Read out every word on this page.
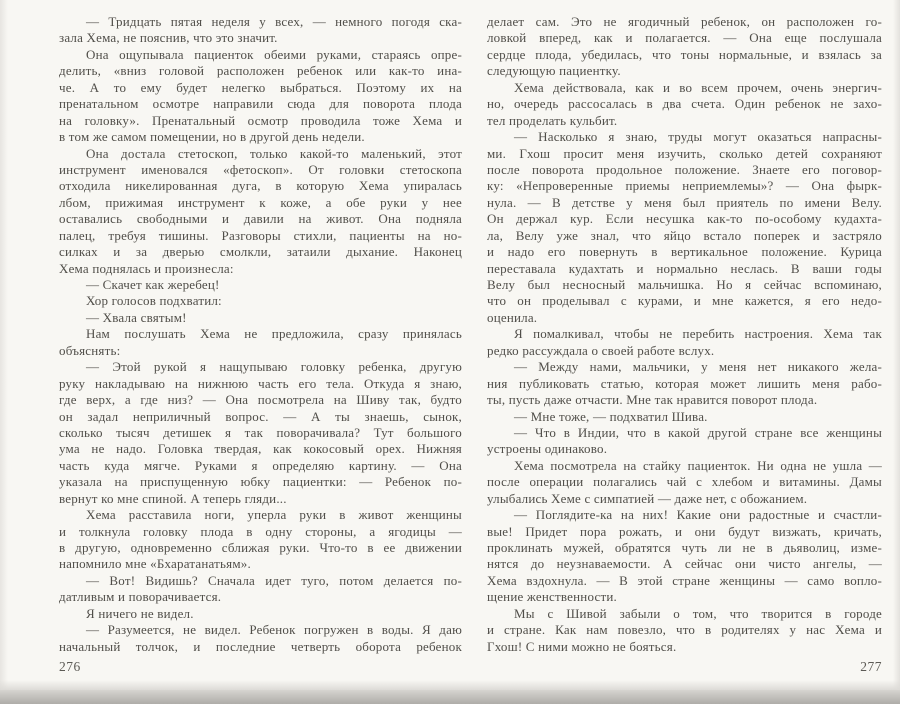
— Тридцать пятая неделя у всех, — немного погодя ска-
зала Хема, не пояснив, что это значит.
Она ощупывала пациенток обеими руками, стараясь опре-
делить, «вниз головой расположен ребенок или как-то ина-
че. А то ему будет нелегко выбраться. Поэтому их на
пренатальном осмотре направили сюда для поворота плода
на головку». Пренатальный осмотр проводила тоже Хема и
в том же самом помещении, но в другой день недели.
Она достала стетоскоп, только какой-то маленький, этот
инструмент именовался «фетоскоп». От головки стетоскопа
отходила никелированная дуга, в которую Хема упиралась
лбом, прижимая инструмент к коже, а обе руки у нее
оставались свободными и давили на живот. Она подняла
палец, требуя тишины. Разговоры стихли, пациенты на но-
силках и за дверью смолкли, затаили дыхание. Наконец
Хема поднялась и произнесла:
— Скачет как жеребец!
Хор голосов подхватил:
— Хвала святым!
Нам послушать Хема не предложила, сразу принялась
объяснять:
— Этой рукой я нащупываю головку ребенка, другую
руку накладываю на нижнюю часть его тела. Откуда я знаю,
где верх, а где низ? — Она посмотрела на Шиву так, будто
он задал неприличный вопрос. — А ты знаешь, сынок,
сколько тысяч детишек я так поворачивала? Тут большого
ума не надо. Головка твердая, как кокосовый орех. Нижняя
часть куда мягче. Руками я определяю картину. — Она
указала на приспущенную юбку пациентки: — Ребенок по-
вернут ко мне спиной. А теперь гляди...
Хема расставила ноги, уперла руки в живот женщины
и толкнула головку плода в одну стороны, а ягодицы —
в другую, одновременно сближая руки. Что-то в ее движении
напомнило мне «Бхаратанатьям».
— Вот! Видишь? Сначала идет туго, потом делается по-
датливым и поворачивается.
Я ничего не видел.
— Разумеется, не видел. Ребенок погружен в воды. Я даю
начальный толчок, и последние четверть оборота ребенок
делает сам. Это не ягодичный ребенок, он расположен го-
ловкой вперед, как и полагается. — Она еще послушала
сердце плода, убедилась, что тоны нормальные, и взялась за
следующую пациентку.
Хема действовала, как и во всем прочем, очень энергич-
но, очередь рассосалась в два счета. Один ребенок не захо-
тел проделать кульбит.
— Насколько я знаю, труды могут оказаться напрасны-
ми. Гхош просит меня изучить, сколько детей сохраняют
после поворота продольное положение. Знаете его поговор-
ку: «Непроверенные приемы неприемлемы»? — Она фырк-
нула. — В детстве у меня был приятель по имени Велу.
Он держал кур. Если несушка как-то по-особому кудахта-
ла, Велу уже знал, что яйцо встало поперек и застряло
и надо его повернуть в вертикальное положение. Курица
переставала кудахтать и нормально неслась. В ваши годы
Велу был несносный мальчишка. Но я сейчас вспоминаю,
что он проделывал с курами, и мне кажется, я его недо-
оценила.
Я помалкивал, чтобы не перебить настроения. Хема так
редко рассуждала о своей работе вслух.
— Между нами, мальчики, у меня нет никакого жела-
ния публиковать статью, которая может лишить меня рабо-
ты, пусть даже отчасти. Мне так нравится поворот плода.
— Мне тоже, — подхватил Шива.
— Что в Индии, что в какой другой стране все женщины
устроены одинаково.
Хема посмотрела на стайку пациенток. Ни одна не ушла —
после операции полагались чай с хлебом и витамины. Дамы
улыбались Хеме с симпатией — даже нет, с обожанием.
— Поглядите-ка на них! Какие они радостные и счастли-
вые! Придет пора рожать, и они будут визжать, кричать,
проклинать мужей, обратятся чуть ли не в дьяволиц, изме-
нятся до неузнаваемости. А сейчас они чисто ангелы, —
Хема вздохнула. — В этой стране женщины — само вопло-
щение женственности.
Мы с Шивой забыли о том, что творится в городе
и стране. Как нам повезло, что в родителях у нас Хема и
Гхош! С ними можно не бояться.
276	277
